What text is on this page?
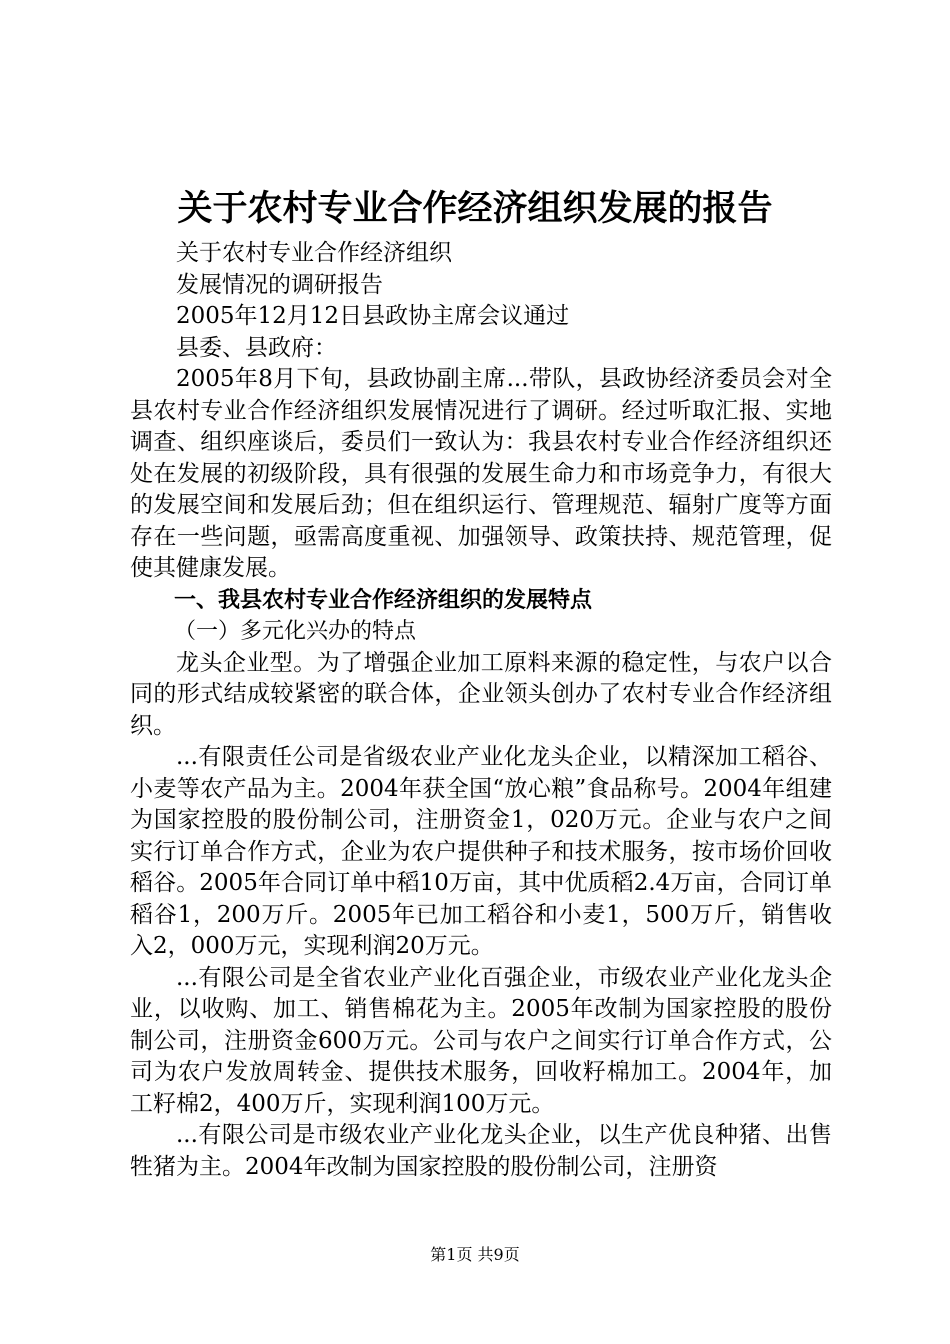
关于农村专业合作经济组织发展的报告

关于农村专业合作经济组织

发展情况的调研报告

2005年12月12日县政协主席会议通过

县委、县政府：

2005年8月下旬，县政协副主席...带队，县政协经济委员会对全县农村专业合作经济组织发展情况进行了调研。经过听取汇报、实地调查、组织座谈后，委员们一致认为：我县农村专业合作经济组织还处在发展的初级阶段，具有很强的发展生命力和市场竞争力，有很大的发展空间和发展后劲；但在组织运行、管理规范、辐射广度等方面存在一些问题，亟需高度重视、加强领导、政策扶持、规范管理，促使其健康发展。

一、我县农村专业合作经济组织的发展特点
（一）多元化兴办的特点

龙头企业型。为了增强企业加工原料来源的稳定性，与农户以合同的形式结成较紧密的联合体，企业领头创办了农村专业合作经济组织。

...有限责任公司是省级农业产业化龙头企业，以精深加工稻谷、小麦等农产品为主。2004年获全国“放心粮”食品称号。2004年组建为国家控股的股份制公司，注册资金1，020万元。企业与农户之间实行订单合作方式，企业为农户提供种子和技术服务，按市场价回收稻谷。2005年合同订单中稻10万亩，其中优质稻2.4万亩，合同订单稻谷1，200万斤。2005年已加工稻谷和小麦1，500万斤，销售收入2，000万元，实现利润20万元。

...有限公司是全省农业产业化百强企业，市级农业产业化龙头企业，以收购、加工、销售棉花为主。2005年改制为国家控股的股份制公司，注册资金600万元。公司与农户之间实行订单合作方式，公司为农户发放周转金、提供技术服务，回收籽棉加工。2004年，加工籽棉2，400万斤，实现利润100万元。

...有限公司是市级农业产业化龙头企业，以生产优良种猪、出售牲猪为主。2004年改制为国家控股的股份制公司，注册资

第1页 共9页
